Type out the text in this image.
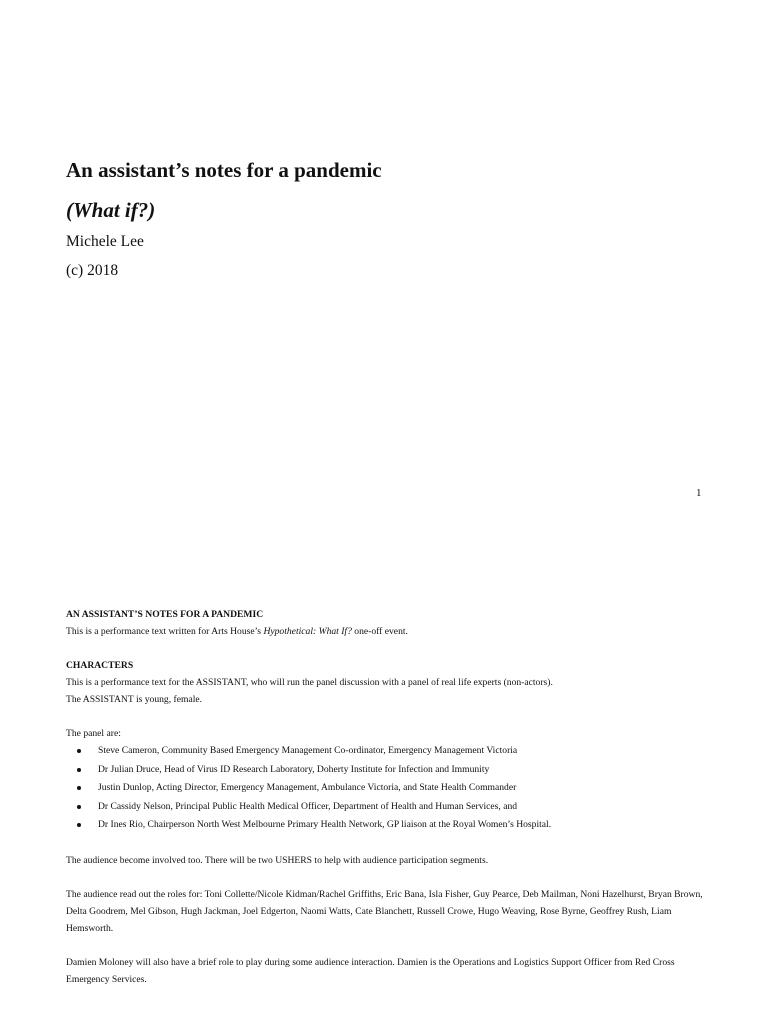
An assistant’s notes for a pandemic
(What if?)

Michele Lee

(c) 2018

1

AN ASSISTANT’S NOTES FOR A PANDEMIC

This is a performance text written for Arts House’s Hypothetical: What If? one-off event.

CHARACTERS

This is a performance text for the ASSISTANT, who will run the panel discussion with a panel of real life experts (non-actors).

The ASSISTANT is young, female.

The panel are:

Steve Cameron, Community Based Emergency Management Co-ordinator, Emergency Management Victoria
Dr Julian Druce, Head of Virus ID Research Laboratory, Doherty Institute for Infection and Immunity
Justin Dunlop, Acting Director, Emergency Management, Ambulance Victoria, and State Health Commander
Dr Cassidy Nelson, Principal Public Health Medical Officer, Department of Health and Human Services, and
Dr Ines Rio, Chairperson North West Melbourne Primary Health Network, GP liaison at the Royal Women’s Hospital.

The audience become involved too. There will be two USHERS to help with audience participation segments.

The audience read out the roles for: Toni Collette/Nicole Kidman/Rachel Griffiths, Eric Bana, Isla Fisher, Guy Pearce, Deb Mailman, Noni Hazelhurst, Bryan Brown, Delta Goodrem, Mel Gibson, Hugh Jackman, Joel Edgerton, Naomi Watts, Cate Blanchett, Russell Crowe, Hugo Weaving, Rose Byrne, Geoffrey Rush, Liam Hemsworth.

Damien Moloney will also have a brief role to play during some audience interaction. Damien is the Operations and Logistics Support Officer from Red Cross Emergency Services.
